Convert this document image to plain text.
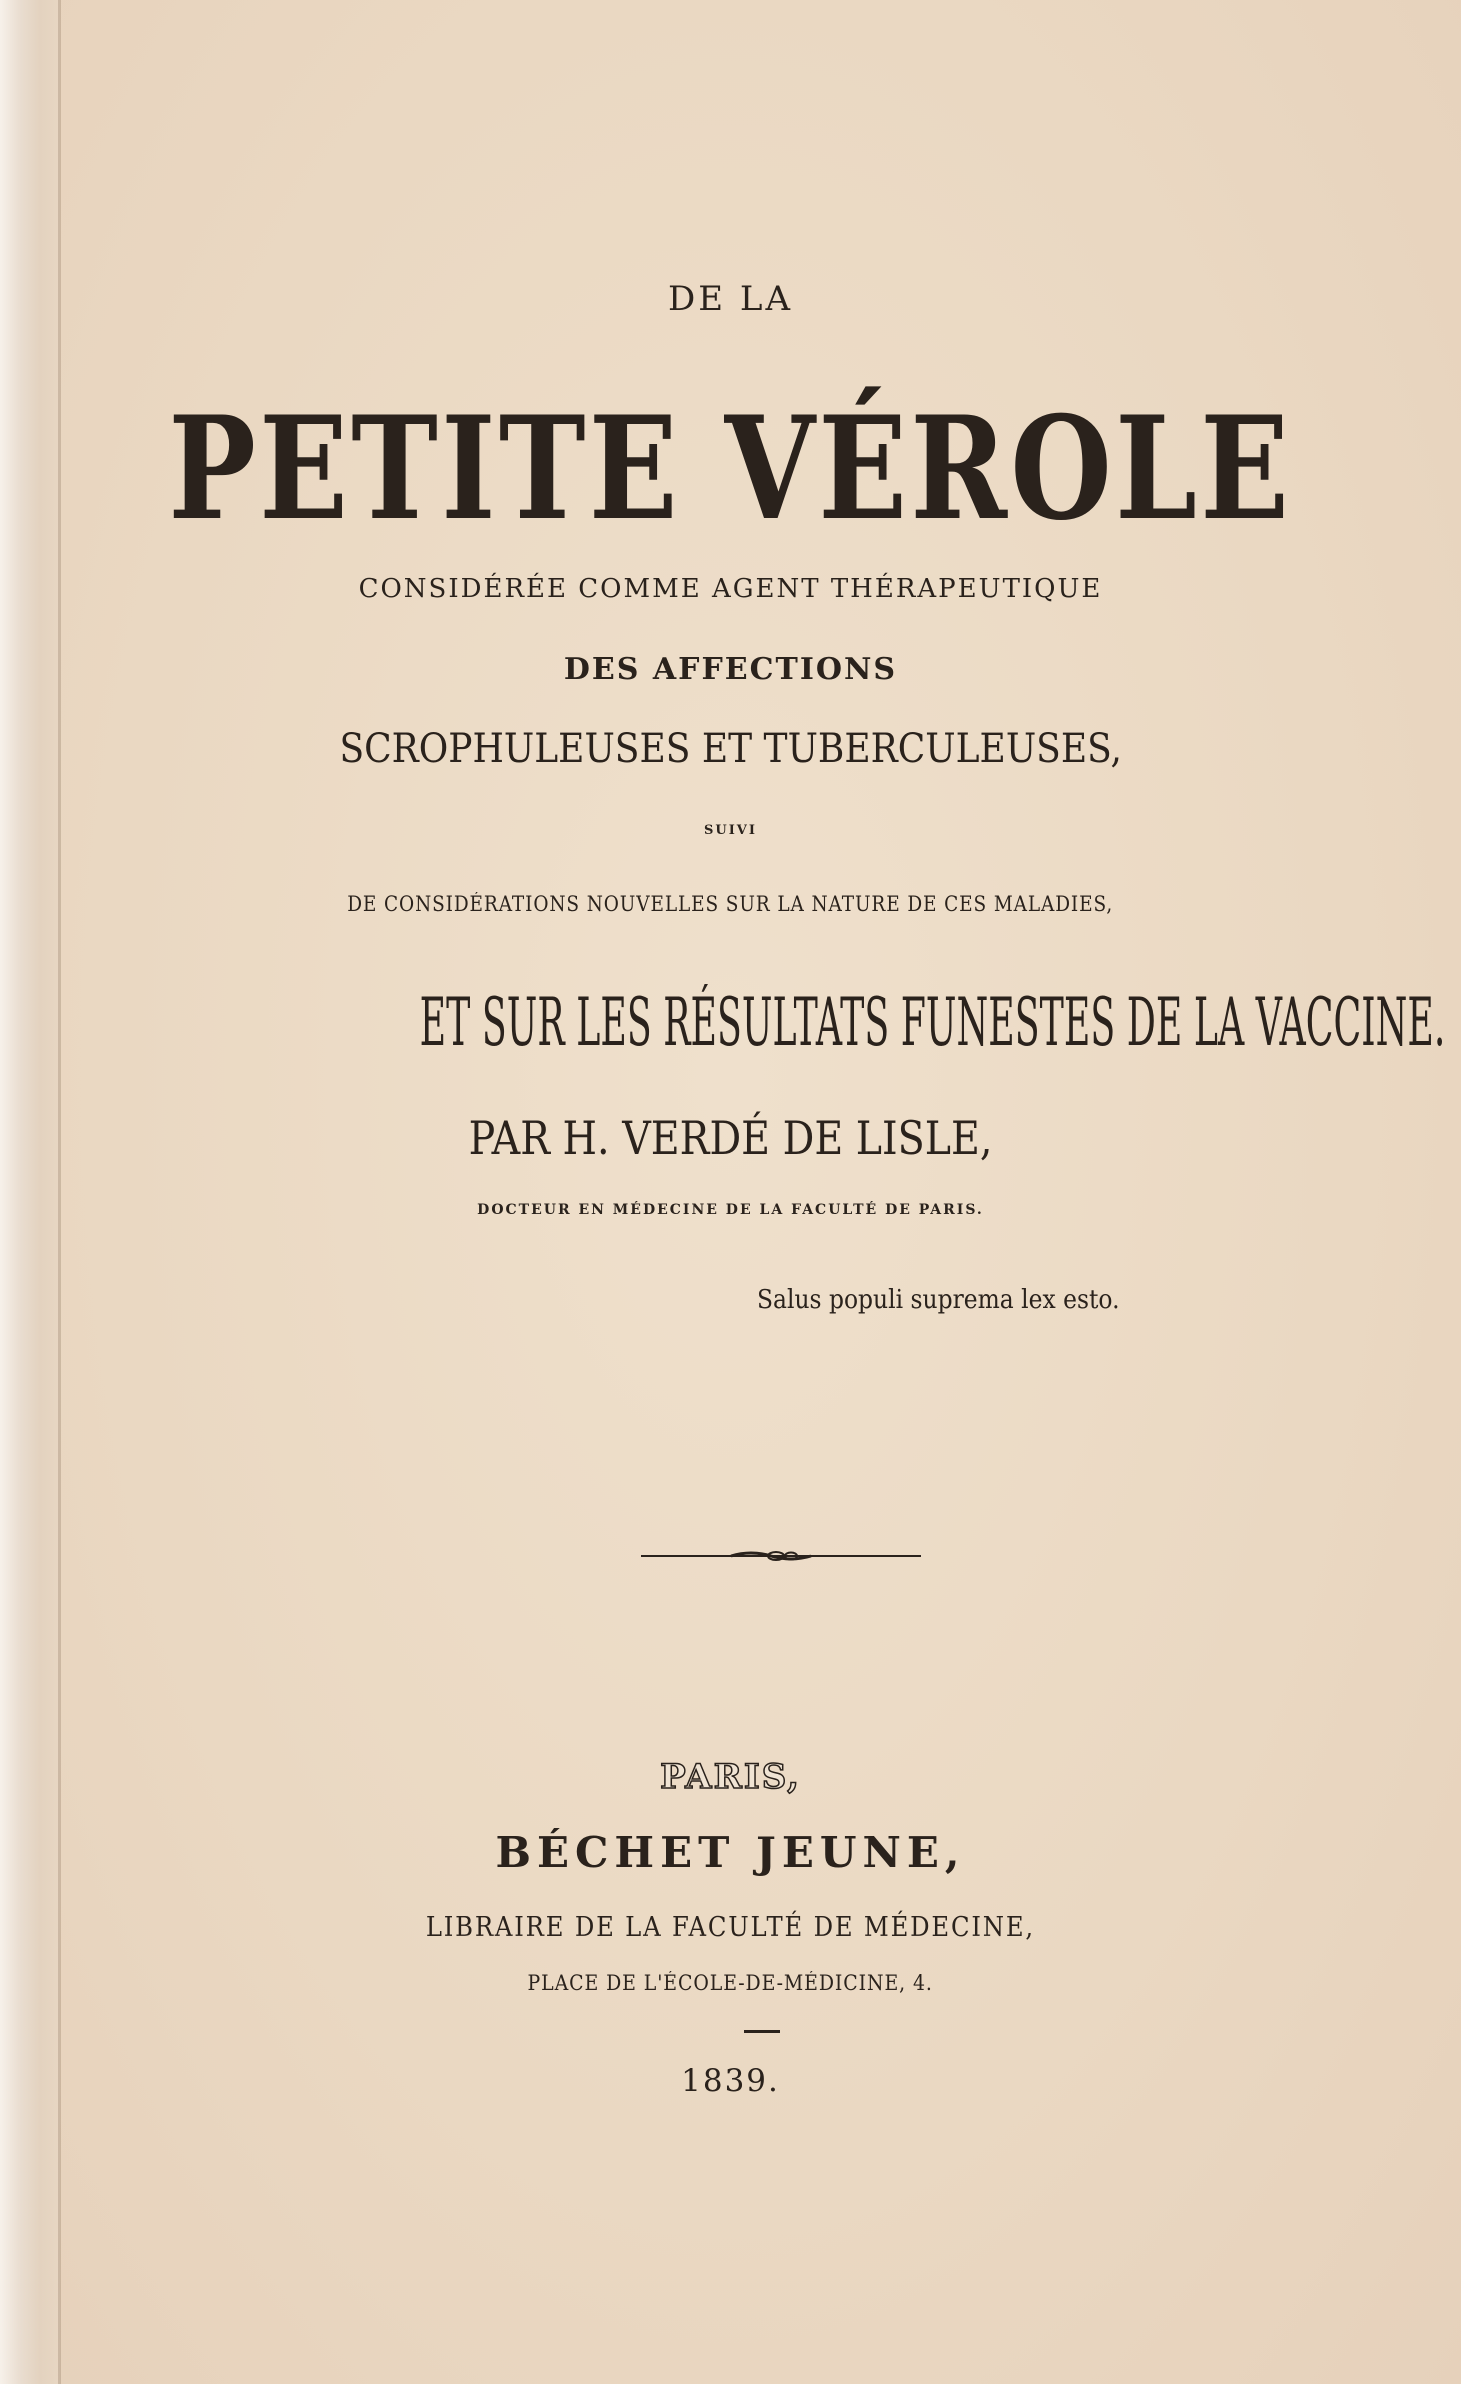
DE LA
PETITE VÉROLE
CONSIDÉRÉE COMME AGENT THÉRAPEUTIQUE
DES AFFECTIONS
SCROPHULEUSES ET TUBERCULEUSES,
SUIVI
DE CONSIDÉRATIONS NOUVELLES SUR LA NATURE DE CES MALADIES,
ET SUR LES RÉSULTATS FUNESTES DE LA VACCINE.
PAR H. VERDÉ DE LISLE,
DOCTEUR EN MÉDECINE DE LA FACULTÉ DE PARIS.
Salus populi suprema lex esto.
PARIS,
BÉCHET JEUNE,
LIBRAIRE DE LA FACULTÉ DE MÉDECINE,
PLACE DE L'ÉCOLE-DE-MÉDICINE, 4.
1839.
